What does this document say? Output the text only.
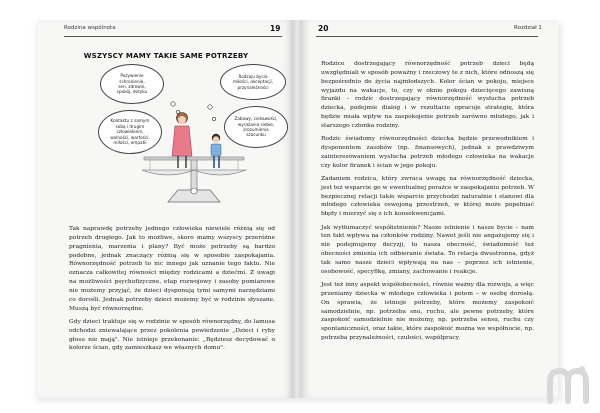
Rodzina wspólnota	19
WSZYSCY MAMY TAKIE SAME POTRZEBY
Pożywienie
schronienie,
sen, zdrowie,
spokój, dotyku
Rodzaju bycia
miłości, akceptacji,
przynależności
Kontaktu z samym
sobą i drugim
człowiekiem,
wolności, wartości,
miłości, empatii
Zabawy, ciekawości,
wyrażania siebie,
zrozumienia
szacunku

Tak naprawdę potrzeby jednego człowieka niewiele różnią się od potrzeb drugiego. Jak to możliwe, skoro mamy wszyscy przeróżne pragnienia, marzenia i plany? Być może potrzeby są bardzo podobne, jednak znaczący różnią się w sposobie zaspokajania. Równorzędność potrzeb to nic innego jak uznanie tego faktu. Nie oznacza całkowitej równości między rodzicami a dziećmi. Z uwagi na możliwości psychofizyczne, etap rozwojowy i zasoby pomiarowe nie możemy przyjąć, że dzieci dysponują tymi samymi narzędziami co dorośli. Jednak potrzeby dzieci możemy być w rodzinie słyszane. Muszą być równorzędne.

Gdy dzieci traktuje się w rodzinie w sposób równorzędny, do lamusa odchodzi zniewalające przez pokolenia powiedzenie „Dzieci i ryby głosu nie mają". Nie istnieje przekonanie: „Będziesz decydować o kolorze ścian, gdy zamieszkasz we własnych domu".

20	Rozdział 1

Rodzice dostrzegający równorzędność potrzeb dzieci będą uwzględniali w sposób poważny i rzeczowy te z nich, które odnoszą się bezpośrednio do życia najmłodszych. Kolor ścian w pokoju, miejsce wyjazdu na wakacje, to, czy w oknie pokoju dziecięcego zawisną firanki – rodzic dostrzegający równorzędność wysłucha potrzeb dziecka, podejmie dialog i w rezultacie opracuje strategię, która będzie miała wpływ na zaspokojenie potrzeb zarówno młodego, jak i starszego członka rodziny.

Rodzic świadomy równorzędności dziecka będzie przewodnikiem i dysponentem zasobów (np. finansowych), jednak z prawdziwym zainteresowaniem wysłucha potrzeb młodego człowieka na wakacje czy kolor firanek i ścian w jego pokoju.

Zadaniem rodzica, który zwraca uwagę na równorzędność dziecka, jest też wsparcie go w ewentualnej porażce w zaspokajaniu potrzeb. W bezpiecznej relacji takie wsparcie przychodzi naturalnie i stanowi dla młodego człowieka oswojoną przestrzeń, w której może popełniać błędy i mierzyć się z ich konsekwencjami.

Jak wytłumaczyć współistnienie? Nasze istnienie i nasze bycie – nam ten fakt wpływa na członków rodziny. Nawet jeśli nie angażujemy się i nie podejmujemy decyzji, to nasza obecność, świadomość też obecności zmienia ich odbieranie świata. To relacja dwustronna, gdyż tak samo nasze dzieci wpływają na nas – poprzez ich istnienie, osobowość, specyfikę, zmiany, zachowanie i reakcje.

Jest też inny aspekt współobecności, równie ważny dla rozwoju, a więc przeniamy dziecka w młodego człowieka i potem – w osobę dorosłą. On sprawia, że istnieje potrzeby, które możemy zaspokoić samodzielnie, np. potrzeba snu, ruchu, ale pewne potrzeby, które zaspokoić samodzielnie nie możemy, np. potrzeba sensu, ruchu czy spontaniczności, oraz takie, które zaspokoić można we współnocie, np. potrzeba przynależności, czułości, współpracy.
